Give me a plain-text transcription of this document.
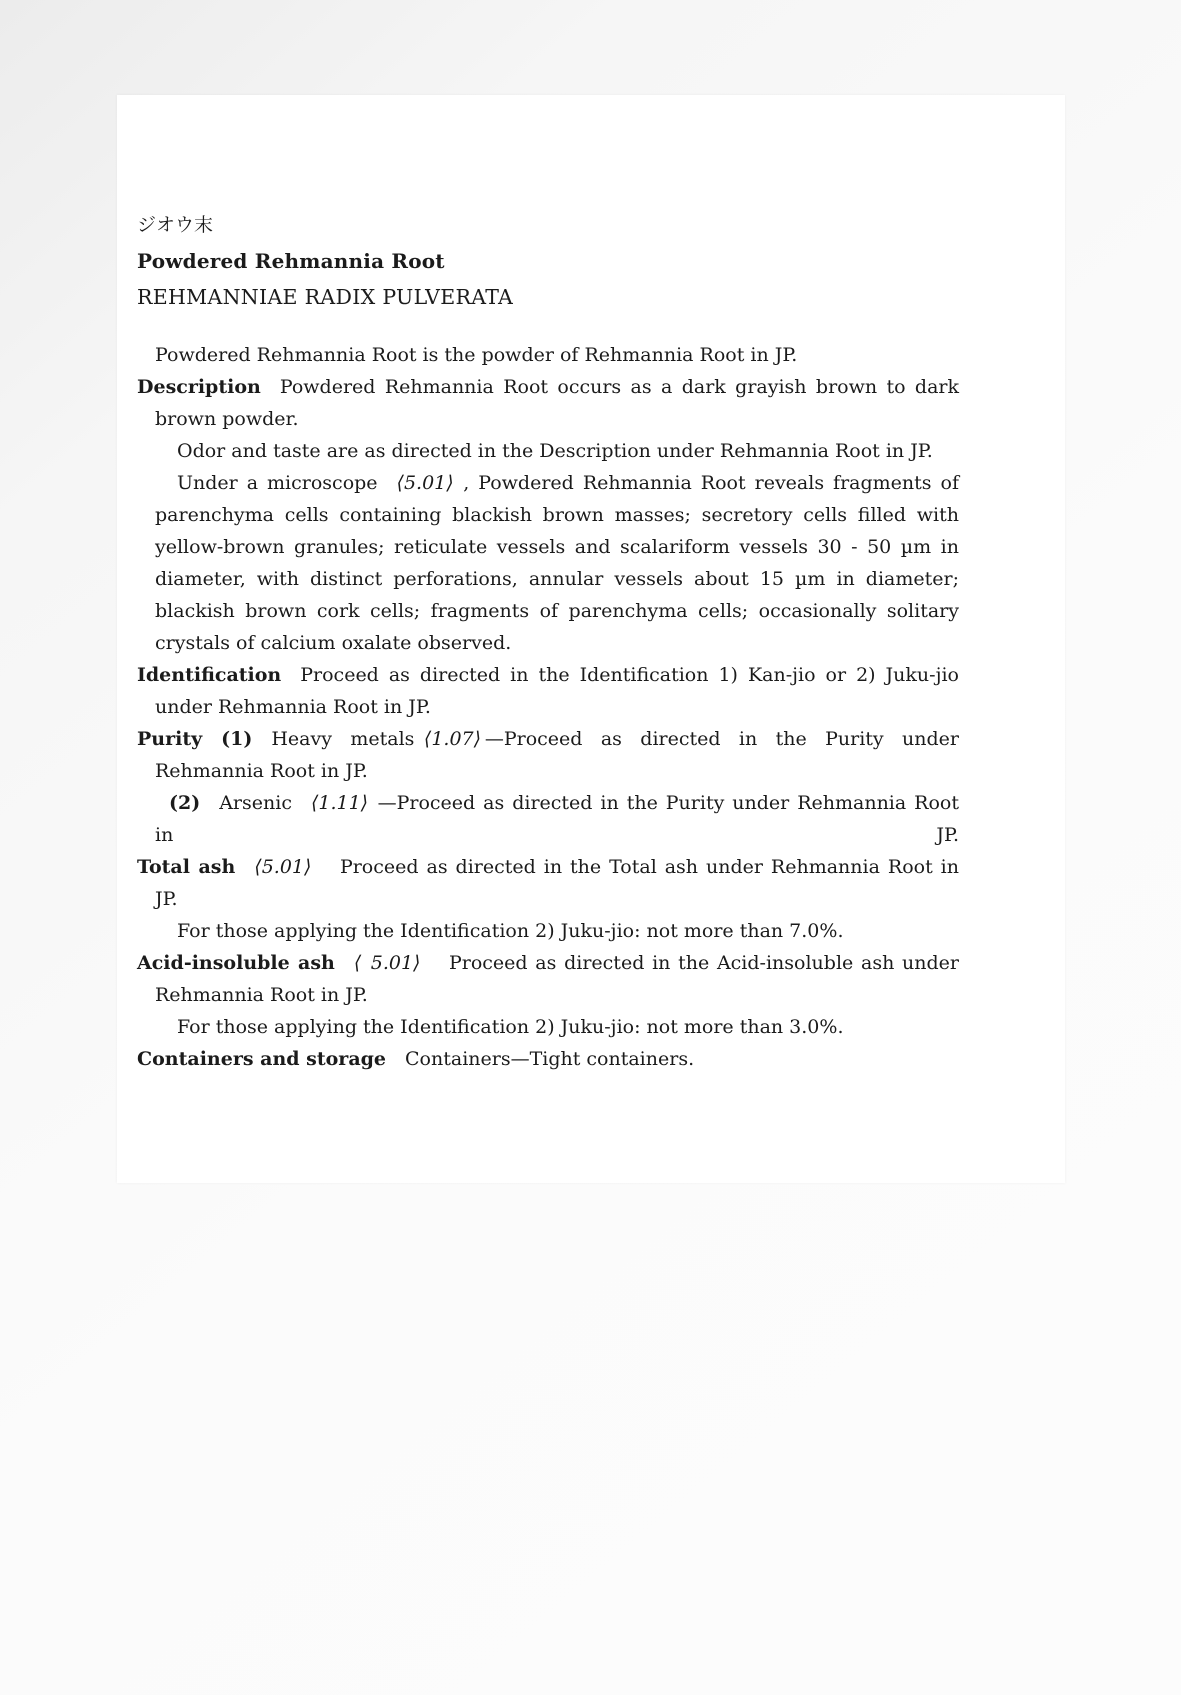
ジオウ末

Powdered Rehmannia Root

REHMANNIAE RADIX PULVERATA

Powdered Rehmannia Root is the powder of Rehmannia Root in JP.

Description  Powdered Rehmannia Root occurs as a dark grayish brown to dark brown powder.

Odor and taste are as directed in the Description under Rehmannia Root in JP.

Under a microscope  ⟨5.01⟩ , Powdered Rehmannia Root reveals fragments of parenchyma cells containing blackish brown masses; secretory cells filled with yellow-brown granules; reticulate vessels and scalariform vessels 30 - 50 µm in diameter, with distinct perforations, annular vessels about 15 µm in diameter; blackish brown cork cells; fragments of parenchyma cells; occasionally solitary crystals of calcium oxalate observed.

Identification  Proceed as directed in the Identification 1) Kan-jio or 2) Juku-jio under Rehmannia Root in JP.

Purity   (1)  Heavy metals ⟨1.07⟩ —Proceed as directed in the Purity under Rehmannia Root in JP.

(2)  Arsenic  ⟨1.11⟩ —Proceed as directed in the Purity under Rehmannia Root in JP.

Total ash   ⟨5.01⟩   Proceed as directed in the Total ash under Rehmannia Root in JP.

For those applying the Identification 2) Juku-jio: not more than 7.0%.

Acid-insoluble ash   ⟨ 5.01⟩   Proceed as directed in the Acid-insoluble ash under Rehmannia Root in JP.

For those applying the Identification 2) Juku-jio: not more than 3.0%.

Containers and storage  Containers—Tight containers.
